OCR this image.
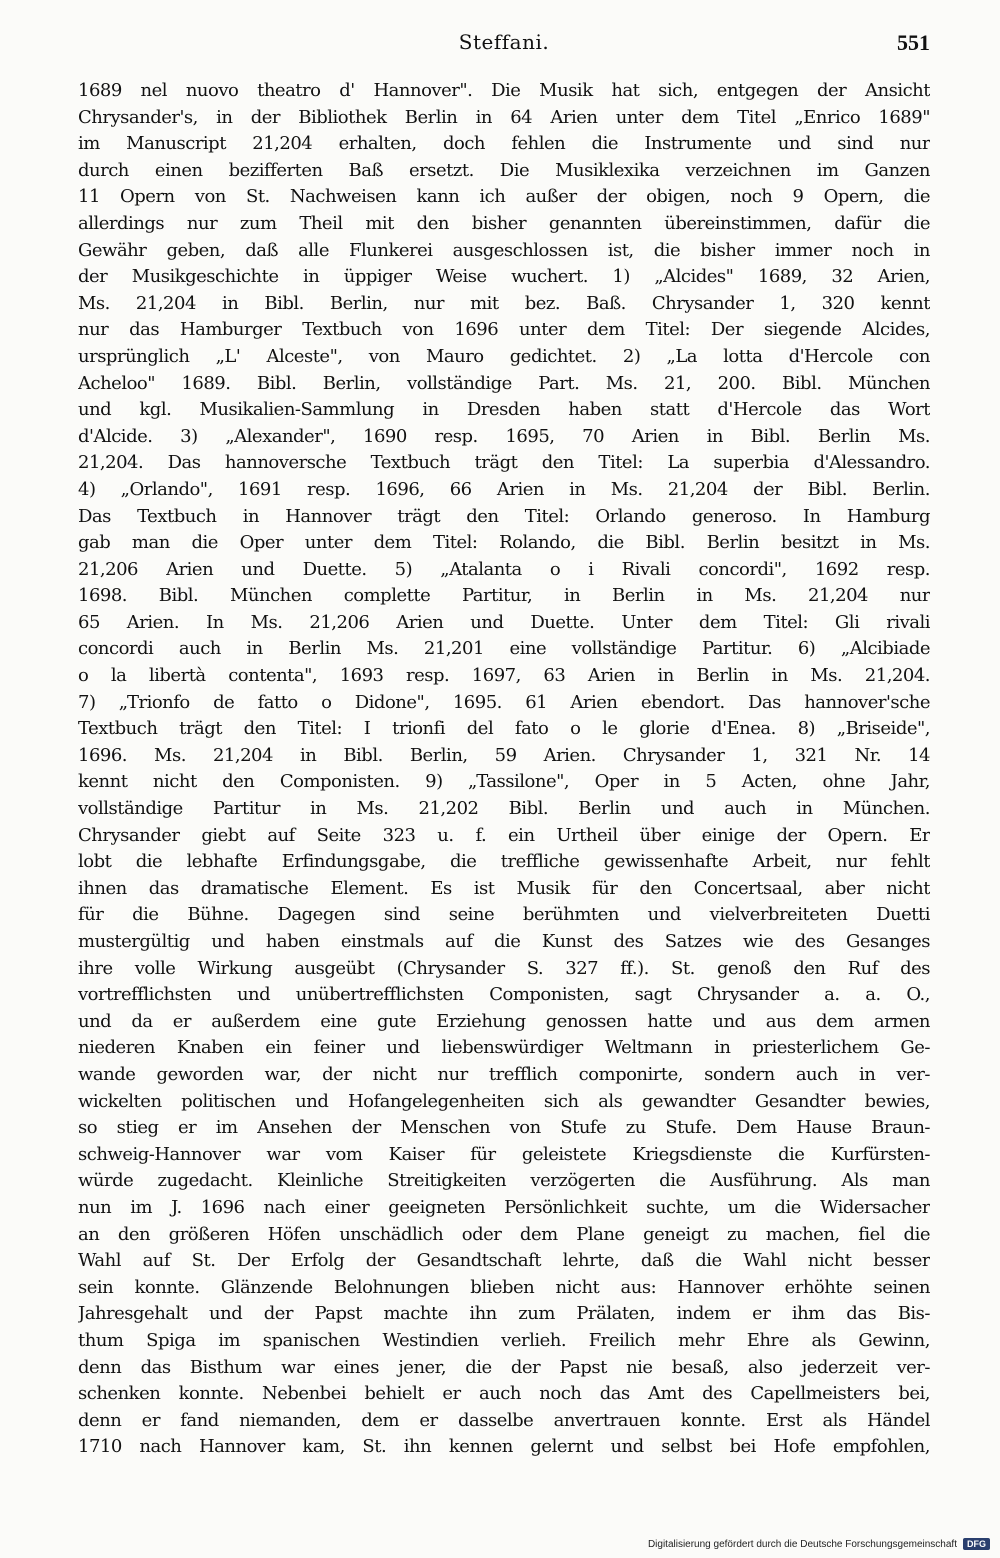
Steffani.	551
1689 nel nuovo theatro d' Hannover". Die Musik hat sich, entgegen der Ansicht
Chrysander's, in der Bibliothek Berlin in 64 Arien unter dem Titel „Enrico 1689"
im Manuscript 21,204 erhalten, doch fehlen die Instrumente und sind nur
durch einen bezifferten Baß ersetzt. Die Musiklexika verzeichnen im Ganzen
11 Opern von St. Nachweisen kann ich außer der obigen, noch 9 Opern, die
allerdings nur zum Theil mit den bisher genannten übereinstimmen, dafür die
Gewähr geben, daß alle Flunkerei ausgeschlossen ist, die bisher immer noch in
der Musikgeschichte in üppiger Weise wuchert. 1) „Alcides" 1689, 32 Arien,
Ms. 21,204 in Bibl. Berlin, nur mit bez. Baß. Chrysander 1, 320 kennt
nur das Hamburger Textbuch von 1696 unter dem Titel: Der siegende Alcides,
ursprünglich „L' Alceste", von Mauro gedichtet. 2) „La lotta d'Hercole con
Acheloo" 1689. Bibl. Berlin, vollständige Part. Ms. 21, 200. Bibl. München
und kgl. Musikalien-Sammlung in Dresden haben statt d'Hercole das Wort
d'Alcide. 3) „Alexander", 1690 resp. 1695, 70 Arien in Bibl. Berlin Ms.
21,204. Das hannoversche Textbuch trägt den Titel: La superbia d'Alessandro.
4) „Orlando", 1691 resp. 1696, 66 Arien in Ms. 21,204 der Bibl. Berlin.
Das Textbuch in Hannover trägt den Titel: Orlando generoso. In Hamburg
gab man die Oper unter dem Titel: Rolando, die Bibl. Berlin besitzt in Ms.
21,206 Arien und Duette. 5) „Atalanta o i Rivali concordi", 1692 resp.
1698. Bibl. München complette Partitur, in Berlin in Ms. 21,204 nur
65 Arien. In Ms. 21,206 Arien und Duette. Unter dem Titel: Gli rivali
concordi auch in Berlin Ms. 21,201 eine vollständige Partitur. 6) „Alcibiade
o la libertà contenta", 1693 resp. 1697, 63 Arien in Berlin in Ms. 21,204.
7) „Trionfo de fatto o Didone", 1695. 61 Arien ebendort. Das hannover'sche
Textbuch trägt den Titel: I trionfi del fato o le glorie d'Enea. 8) „Briseide",
1696. Ms. 21,204 in Bibl. Berlin, 59 Arien. Chrysander 1, 321 Nr. 14
kennt nicht den Componisten. 9) „Tassilone", Oper in 5 Acten, ohne Jahr,
vollständige Partitur in Ms. 21,202 Bibl. Berlin und auch in München.
Chrysander giebt auf Seite 323 u. f. ein Urtheil über einige der Opern. Er
lobt die lebhafte Erfindungsgabe, die treffliche gewissenhafte Arbeit, nur fehlt
ihnen das dramatische Element. Es ist Musik für den Concertsaal, aber nicht
für die Bühne. Dagegen sind seine berühmten und vielverbreiteten Duetti
mustergültig und haben einstmals auf die Kunst des Satzes wie des Gesanges
ihre volle Wirkung ausgeübt (Chrysander S. 327 ff.). St. genoß den Ruf des
vortrefflichsten und unübertrefflichsten Componisten, sagt Chrysander a. a. O.,
und da er außerdem eine gute Erziehung genossen hatte und aus dem armen
niederen Knaben ein feiner und liebenswürdiger Weltmann in priesterlichem Ge-
wande geworden war, der nicht nur trefflich componirte, sondern auch in ver-
wickelten politischen und Hofangelegenheiten sich als gewandter Gesandter bewies,
so stieg er im Ansehen der Menschen von Stufe zu Stufe. Dem Hause Braun-
schweig-Hannover war vom Kaiser für geleistete Kriegsdienste die Kurfürsten-
würde zugedacht. Kleinliche Streitigkeiten verzögerten die Ausführung. Als man
nun im J. 1696 nach einer geeigneten Persönlichkeit suchte, um die Widersacher
an den größeren Höfen unschädlich oder dem Plane geneigt zu machen, fiel die
Wahl auf St. Der Erfolg der Gesandtschaft lehrte, daß die Wahl nicht besser
sein konnte. Glänzende Belohnungen blieben nicht aus: Hannover erhöhte seinen
Jahresgehalt und der Papst machte ihn zum Prälaten, indem er ihm das Bis-
thum Spiga im spanischen Westindien verlieh. Freilich mehr Ehre als Gewinn,
denn das Bisthum war eines jener, die der Papst nie besaß, also jederzeit ver-
schenken konnte. Nebenbei behielt er auch noch das Amt des Capellmeisters bei,
denn er fand niemanden, dem er dasselbe anvertrauen konnte. Erst als Händel
1710 nach Hannover kam, St. ihn kennen gelernt und selbst bei Hofe empfohlen,
Digitalisierung gefördert durch die Deutsche Forschungsgemeinschaft	DFG
